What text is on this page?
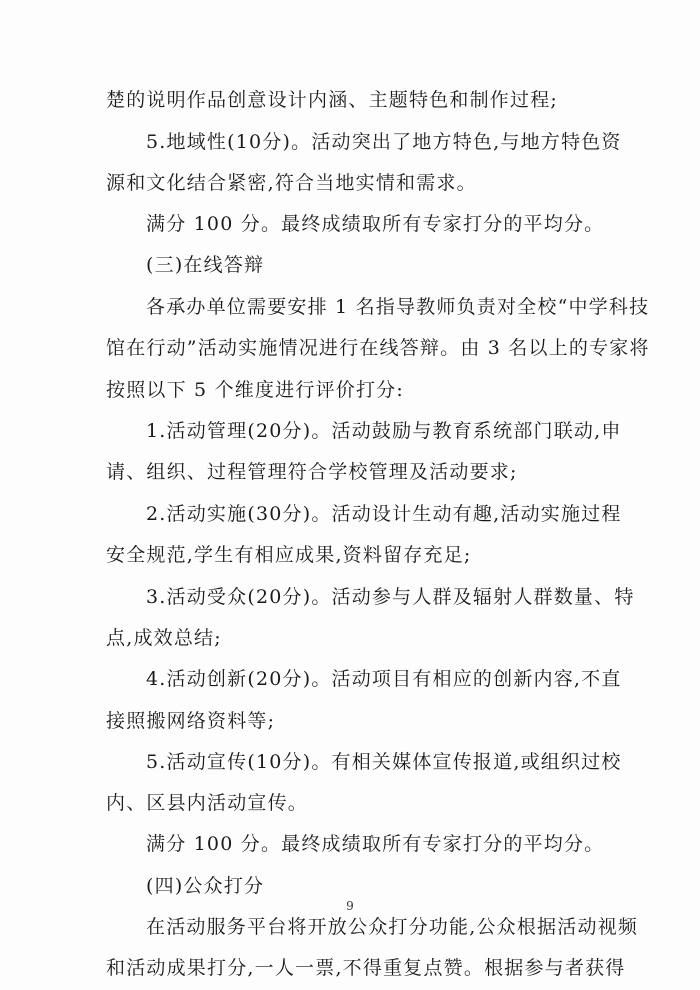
楚的说明作品创意设计内涵、主题特色和制作过程;
5.地域性(10分)。活动突出了地方特色,与地方特色资
源和文化结合紧密,符合当地实情和需求。
满分 100 分。最终成绩取所有专家打分的平均分。
(三)在线答辩
各承办单位需要安排 1 名指导教师负责对全校“中学科技
馆在行动”活动实施情况进行在线答辩。由 3 名以上的专家将
按照以下 5 个维度进行评价打分:
1.活动管理(20分)。活动鼓励与教育系统部门联动,申
请、组织、过程管理符合学校管理及活动要求;
2.活动实施(30分)。活动设计生动有趣,活动实施过程
安全规范,学生有相应成果,资料留存充足;
3.活动受众(20分)。活动参与人群及辐射人群数量、特
点,成效总结;
4.活动创新(20分)。活动项目有相应的创新内容,不直
接照搬网络资料等;
5.活动宣传(10分)。有相关媒体宣传报道,或组织过校
内、区县内活动宣传。
满分 100 分。最终成绩取所有专家打分的平均分。
(四)公众打分
在活动服务平台将开放公众打分功能,公众根据活动视频
和活动成果打分,一人一票,不得重复点赞。根据参与者获得
9
